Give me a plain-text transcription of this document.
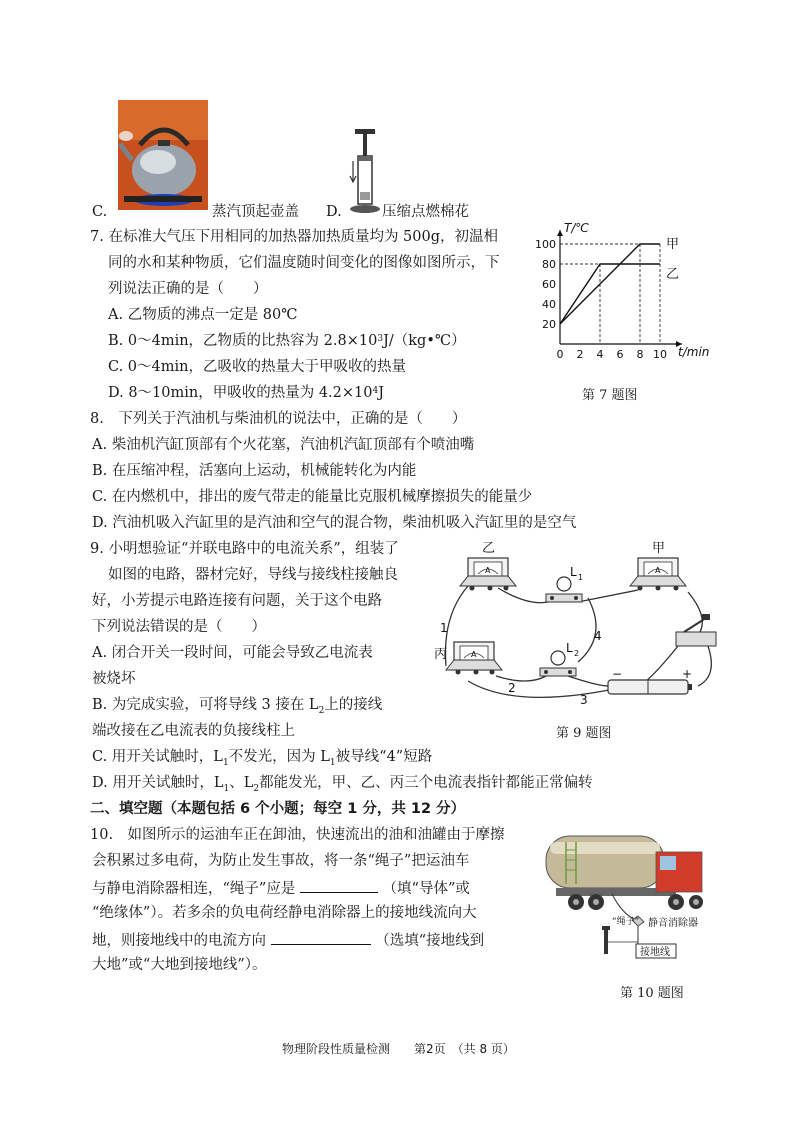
C.	蒸汽顶起壶盖 D.	压缩点燃棉花
7. 在标准大气压下用相同的加热器加热质量均为 500g，初温相
同的水和某种物质，它们温度随时间变化的图像如图所示，下
列说法正确的是（　　）
A. 乙物质的沸点一定是 80℃
B. 0～4min，乙物质的比热容为 $2.8\times 10^3J/(kg•℃)$
C. 0～4min，乙吸收的热量大于甲吸收的热量
D. 8～10min，甲吸收的热量为 $4.2\times 10^4J$
0 2 4 6 8 10
20
40
60
80
100	甲
乙
T/℃
t/min
第 7 题图
8.　下列关于汽油机与柴油机的说法中，正确的是（　　）
A. 柴油机汽缸顶部有个火花塞，汽油机汽缸顶部有个喷油嘴
B. 在压缩冲程，活塞向上运动，机械能转化为内能
C. 在内燃机中，排出的废气带走的能量比克服机械摩擦损失的能量少
D. 汽油机吸入汽缸里的是汽油和空气的混合物，柴油机吸入汽缸里的是空气
9. 小明想验证“并联电路中的电流关系”，组装了
如图的电路，器材完好，导线与接线柱接触良
好，小芳提示电路连接有问题，关于这个电路
下列说法错误的是（　　）
A. 闭合开关一段时间，可能会导致乙电流表
被烧坏
B. 为完成实验，可将导线 3 接在 $L_2$上的接线
端改接在乙电流表的负接线柱上
C. 用开关试触时，$L_1$不发光，因为 $L_1$被导线“4”短路
D. 用开关试触时，$L_1$、$L_2$都能发光，甲、乙、丙三个电流表指针都能正常偏转
乙	甲
丙
A	A
A
L 1
L 2
1
2
3
4
−	+
第 9 题图
二、填空题（本题包括 6 个小题；每空 1 分，共 12 分）
10.　如图所示的运油车正在卸油，快速流出的油和油罐由于摩擦
会积累过多电荷，为防止发生事故，将一条“绳子”把运油车
与静电消除器相连，“绳子”应是	（填“导体”或
“绝缘体”）。若多余的负电荷经静电消除器上的接地线流向大
地，则接地线中的电流方向	（选填“接地线到
大地”或“大地到接地线”）。
“绳子” 静音消除器
接地线
第 10 题图
物理阶段性质量检测　　第2页　（共 8 页）
